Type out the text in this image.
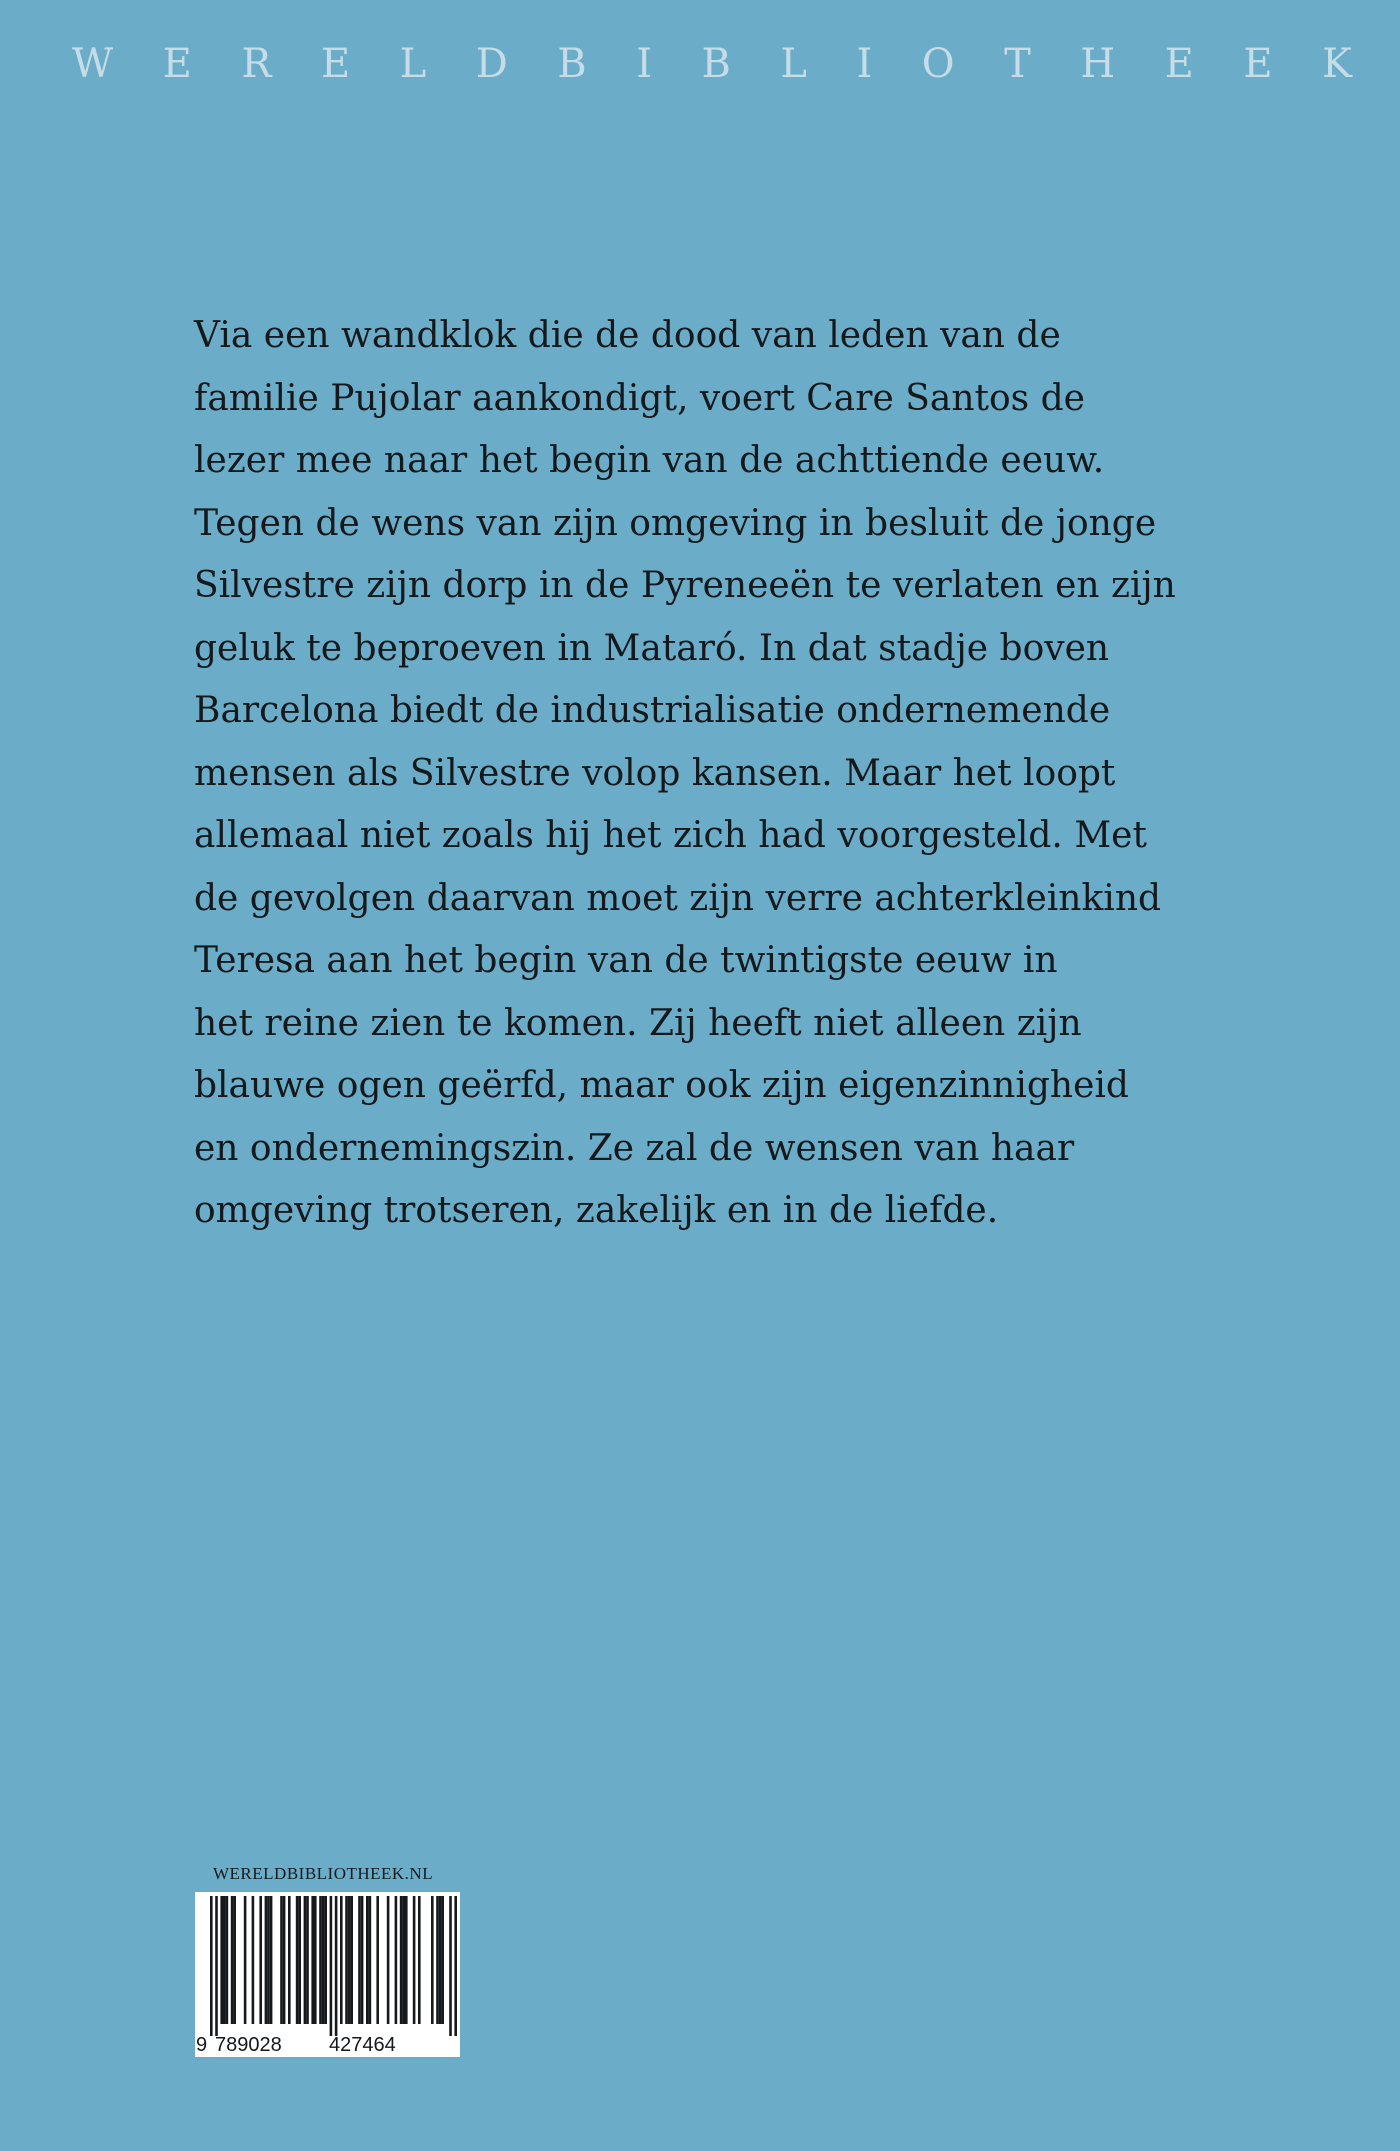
W E R E L D B I B L I O T H E E K
Via een wandklok die de dood van leden van de
familie Pujolar aankondigt, voert Care Santos de
lezer mee naar het begin van de achttiende eeuw.
Tegen de wens van zijn omgeving in besluit de jonge
Silvestre zijn dorp in de Pyreneeën te verlaten en zijn
geluk te beproeven in Mataró. In dat stadje boven
Barcelona biedt de industrialisatie ondernemende
mensen als Silvestre volop kansen. Maar het loopt
allemaal niet zoals hij het zich had voorgesteld. Met
de gevolgen daarvan moet zijn verre achterkleinkind
Teresa aan het begin van de twintigste eeuw in
het reine zien te komen. Zij heeft niet alleen zijn
blauwe ogen geërfd, maar ook zijn eigenzinnigheid
en ondernemingszin. Ze zal de wensen van haar
omgeving trotseren, zakelijk en in de liefde.
WERELDBIBLIOTHEEK.NL
9 789028 427464
